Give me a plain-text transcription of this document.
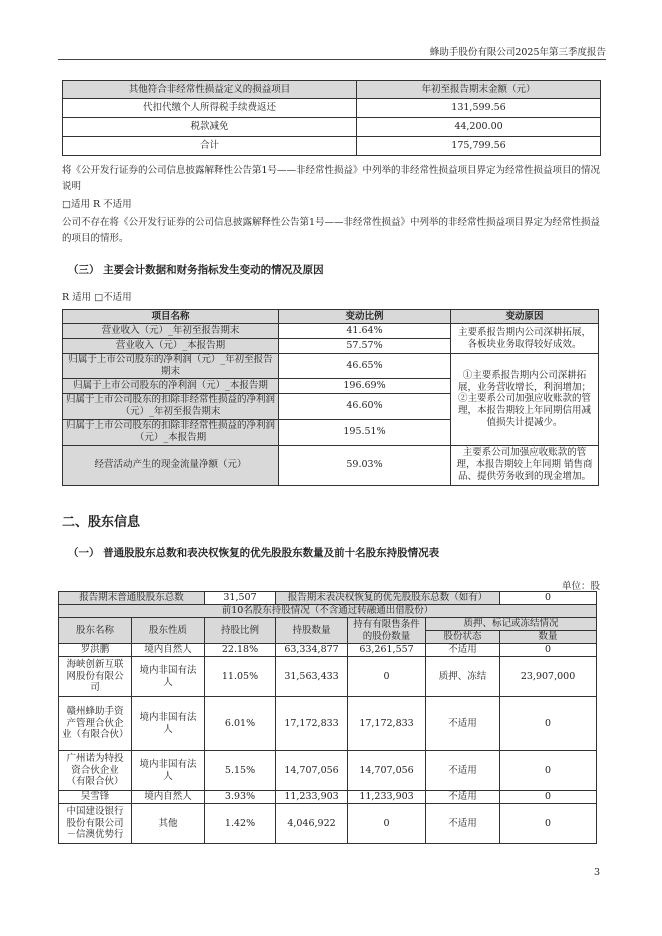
蜂助手股份有限公司2025年第三季度报告
其他符合非经常性损益定义的损益项目	年初至报告期末金额（元）
代扣代缴个人所得税手续费返还	131,599.56
税款减免	44,200.00
合计	175,799.56
将《公开发行证券的公司信息披露解释性公告第1号——非经常性损益》中列举的非经常性损益项目界定为经常性损益项目的情况说明
□适用 R 不适用
公司不存在将《公开发行证券的公司信息披露解释性公告第1号——非经常性损益》中列举的非经常性损益项目界定为经常性损益的项目的情形。
（三） 主要会计数据和财务指标发生变动的情况及原因
R 适用 □不适用
项目名称	变动比例	变动原因
营业收入（元）_年初至报告期末	41.64%	主要系报告期内公司深耕拓展，各板块业务取得较好成效。
营业收入（元）_本报告期	57.57%	
归属于上市公司股东的净利润（元）_年初至报告期末	46.65%	①主要系报告期内公司深耕拓展，业务营收增长，利润增加；②主要系公司加强应收账款的管理，本报告期较上年同期信用减值损失计提减少。
归属于上市公司股东的净利润（元）_本报告期	196.69%	
归属于上市公司股东的扣除非经常性损益的净利润（元）_年初至报告期末	46.60%	
归属于上市公司股东的扣除非经常性损益的净利润（元）_本报告期	195.51%	
经营活动产生的现金流量净额（元）	59.03%	主要系公司加强应收账款的管理，本报告期较上年同期 销售商品、提供劳务收到的现金增加。
二、股东信息
（一） 普通股股东总数和表决权恢复的优先股股东数量及前十名股东持股情况表
单位：股
报告期末普通股股东总数		31,507	报告期末表决权恢复的优先股股东总数（如有）			0
前10名股东持股情况（不含通过转融通出借股份）						
股东名称	股东性质	持股比例	持股数量	持有有限售条件的股份数量	质押、标记或冻结情况	
					股份状态	数量
罗洪鹏	境内自然人	22.18%	63,334,877	63,261,557	不适用	0
海峡创新互联网股份有限公司	境内非国有法人	11.05%	31,563,433	0	质押、冻结	23,907,000
赣州蜂助手资产管理合伙企业（有限合伙）	境内非国有法人	6.01%	17,172,833	17,172,833	不适用	0
广州诺为特投资合伙企业（有限合伙）	境内非国有法人	5.15%	14,707,056	14,707,056	不适用	0
吴雪锋	境内自然人	3.93%	11,233,903	11,233,903	不适用	0
中国建设银行股份有限公司－信澳优势行	其他	1.42%	4,046,922	0	不适用	0
3
